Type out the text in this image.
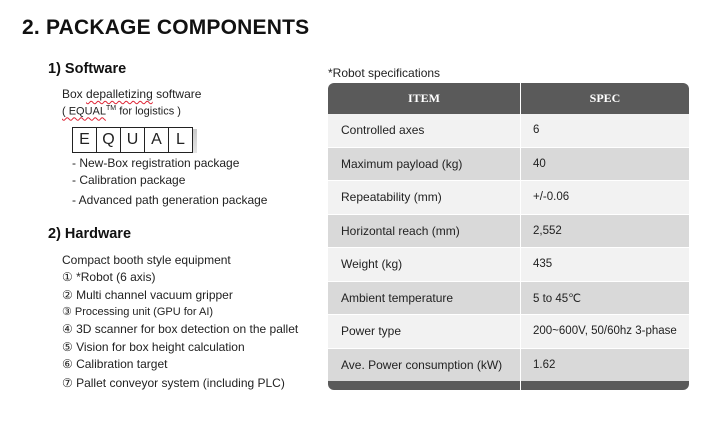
2. PACKAGE COMPONENTS
1) Software
Box depalletizing software
( EQUAL™ for logistics )
E Q U A L
- New-Box registration package
- Calibration package
- Advanced path generation package
2) Hardware
Compact booth style equipment
① *Robot (6 axis)
② Multi channel vacuum gripper
③ Processing unit (GPU for AI)
④ 3D scanner for box detection on the pallet
⑤ Vision for box height calculation
⑥ Calibration target
⑦ Pallet conveyor system (including PLC)
*Robot specifications
ITEM	SPEC
Controlled axes	6
Maximum payload (kg)	40
Repeatability (mm)	+/-0.06
Horizontal reach (mm)	2,552
Weight (kg)	435
Ambient temperature	5 to 45℃
Power type	200~600V, 50/60hz 3-phase
Ave. Power consumption (kW)	1.62
